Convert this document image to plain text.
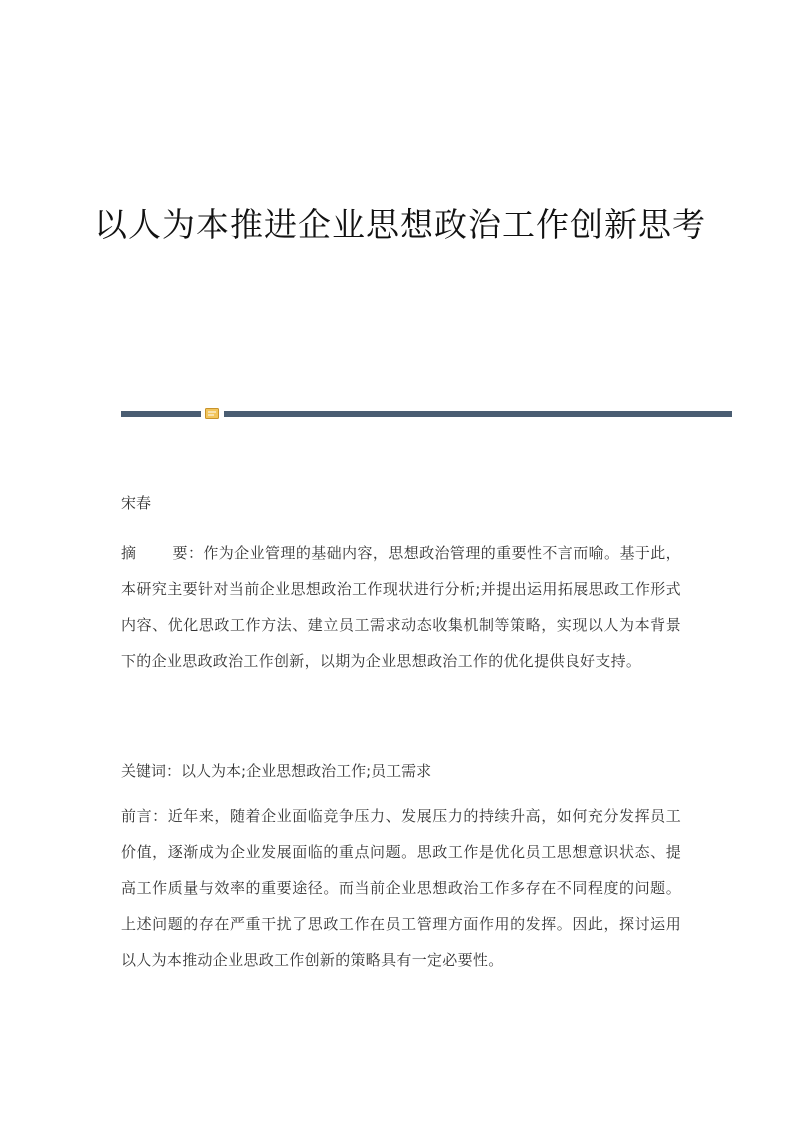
以人为本推进企业思想政治工作创新思考
宋春
摘 要：作为企业管理的基础内容，思想政治管理的重要性不言而喻。基于此，本研究主要针对当前企业思想政治工作现状进行分析;并提出运用拓展思政工作形式内容、优化思政工作方法、建立员工需求动态收集机制等策略，实现以人为本背景下的企业思政政治工作创新，以期为企业思想政治工作的优化提供良好支持。
关键词：以人为本;企业思想政治工作;员工需求
前言：近年来，随着企业面临竞争压力、发展压力的持续升高，如何充分发挥员工价值，逐渐成为企业发展面临的重点问题。思政工作是优化员工思想意识状态、提高工作质量与效率的重要途径。而当前企业思想政治工作多存在不同程度的问题。上述问题的存在严重干扰了思政工作在员工管理方面作用的发挥。因此，探讨运用以人为本推动企业思政工作创新的策略具有一定必要性。
